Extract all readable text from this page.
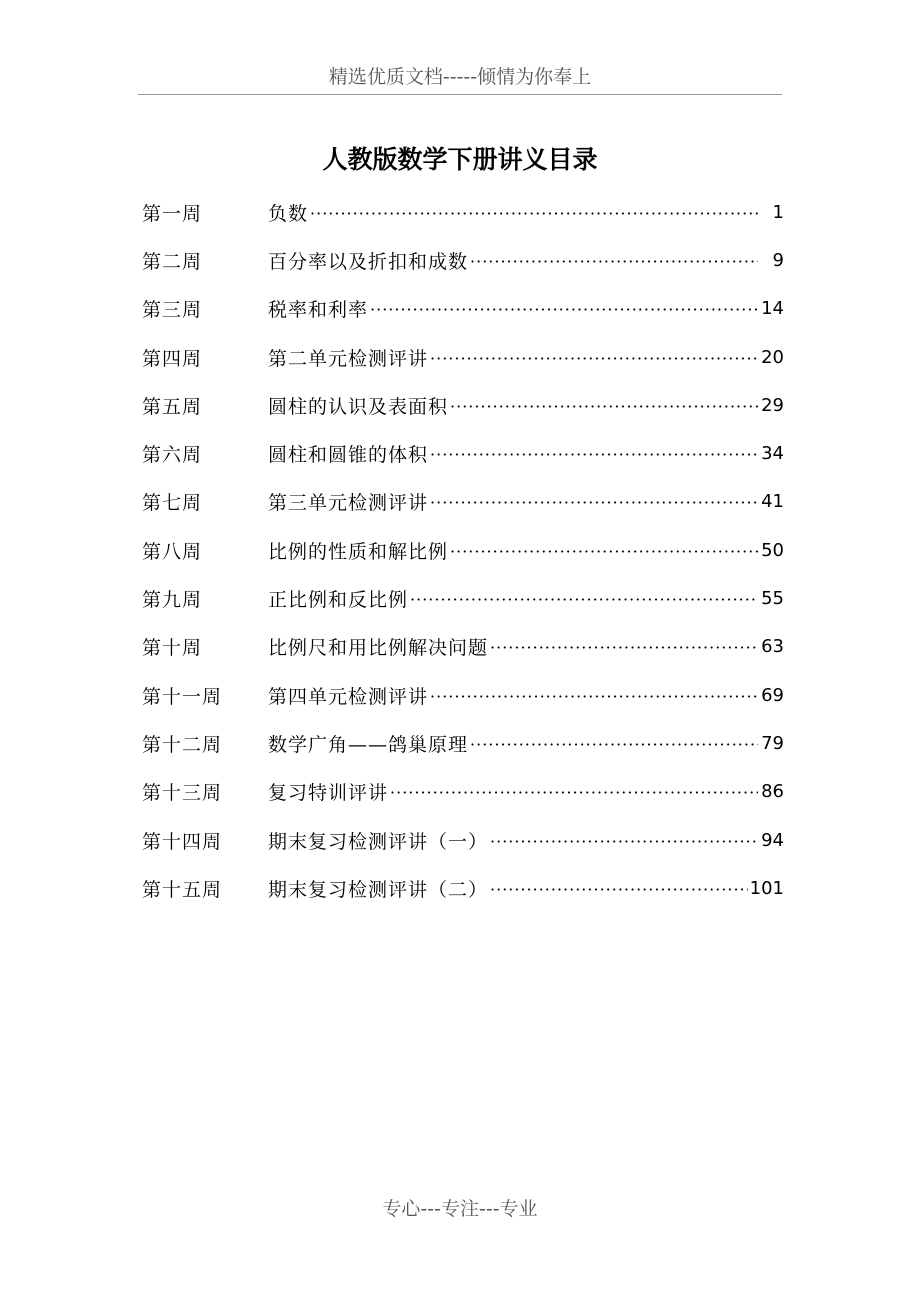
精选优质文档-----倾情为你奉上
人教版数学下册讲义目录
第一周	负数 ·····	1
第二周	百分率以及折扣和成数 ·····	9
第三周	税率和利率 ·····	14
第四周	第二单元检测评讲 ·····	20
第五周	圆柱的认识及表面积 ·····	29
第六周	圆柱和圆锥的体积 ·····	34
第七周	第三单元检测评讲 ·····	41
第八周	比例的性质和解比例 ·····	50
第九周	正比例和反比例 ·····	55
第十周	比例尺和用比例解决问题 ·····	63
第十一周	第四单元检测评讲 ·····	69
第十二周	数学广角——鸽巢原理 ·····	79
第十三周	复习特训评讲 ·····	86
第十四周	期末复习检测评讲（一） ·····	94
第十五周	期末复习检测评讲（二） ·····	101
专心---专注---专业
